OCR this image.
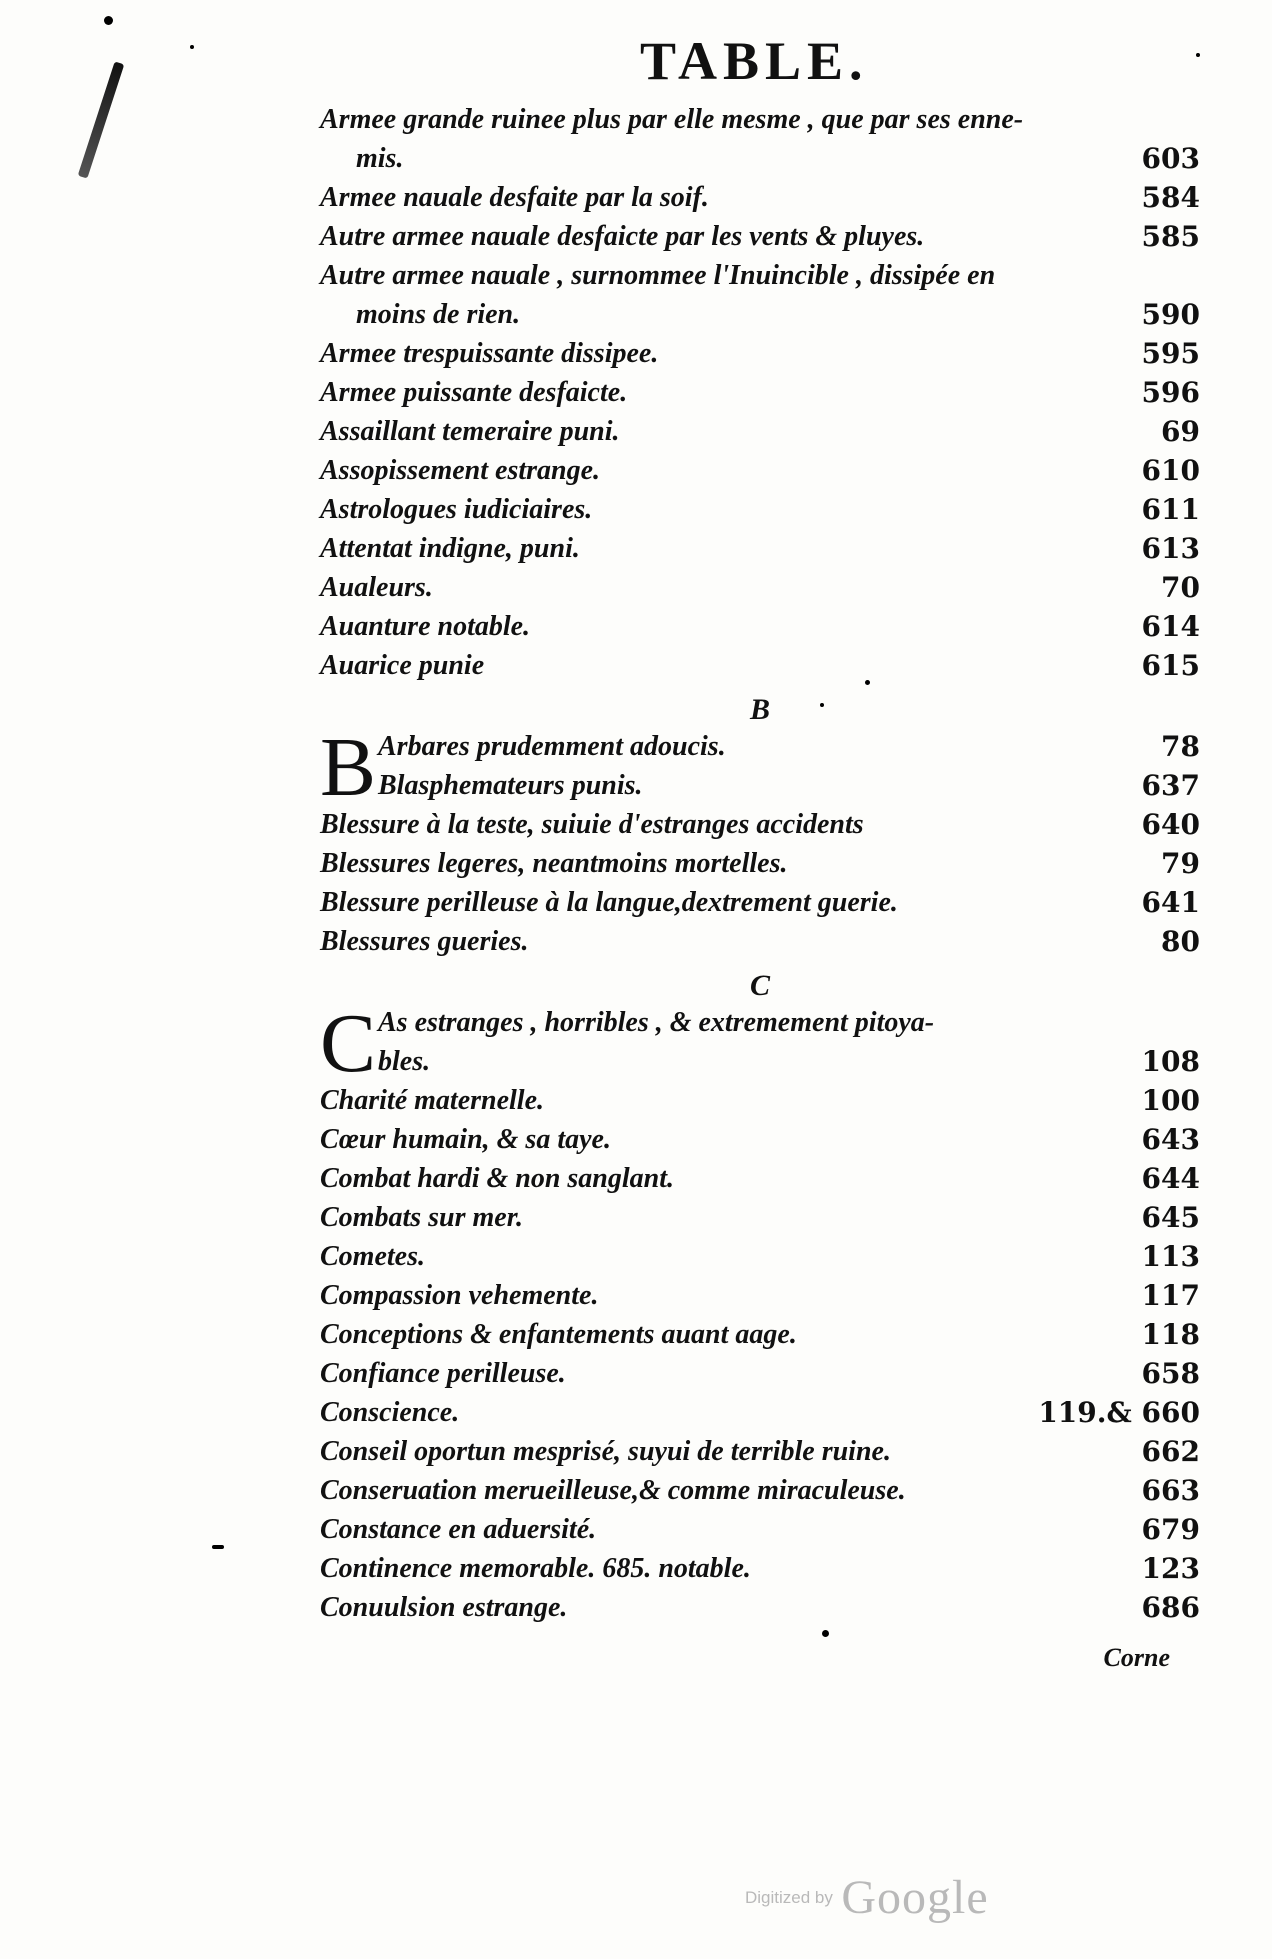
TABLE.
Armee grande ruinee plus par elle mesme , que par ses enne-
mis.	603
Armee nauale desfaite par la soif.	584
Autre armee nauale desfaicte par les vents & pluyes.	585
Autre armee nauale , surnommee l'Inuincible , dissipée en
moins de rien.	590
Armee trespuissante dissipee.	595
Armee puissante desfaicte.	596
Assaillant temeraire puni.	69
Assopissement estrange.	610
Astrologues iudiciaires.	611
Attentat indigne, puni.	613
Aualeurs.	70
Auanture notable.	614
Auarice punie	615
B
B Arbares prudemment adoucis.	78
Blasphemateurs punis.	637
Blessure à la teste, suiuie d'estranges accidents	640
Blessures legeres, neantmoins mortelles.	79
Blessure perilleuse à la langue,dextrement guerie.	641
Blessures gueries.	80
C
C As estranges , horribles , & extremement pitoya-
bles.	108
Charité maternelle.	100
Cœur humain, & sa taye.	643
Combat hardi & non sanglant.	644
Combats sur mer.	645
Cometes.	113
Compassion vehemente.	117
Conceptions & enfantements auant aage.	118
Confiance perilleuse.	658
Conscience.	119.& 660
Conseil oportun mesprisé, suyui de terrible ruine.	662
Conseruation merueilleuse,& comme miraculeuse.	663
Constance en aduersité.	679
Continence memorable. 685. notable.	123
Conuulsion estrange.	686
Corne
Digitized by Google
